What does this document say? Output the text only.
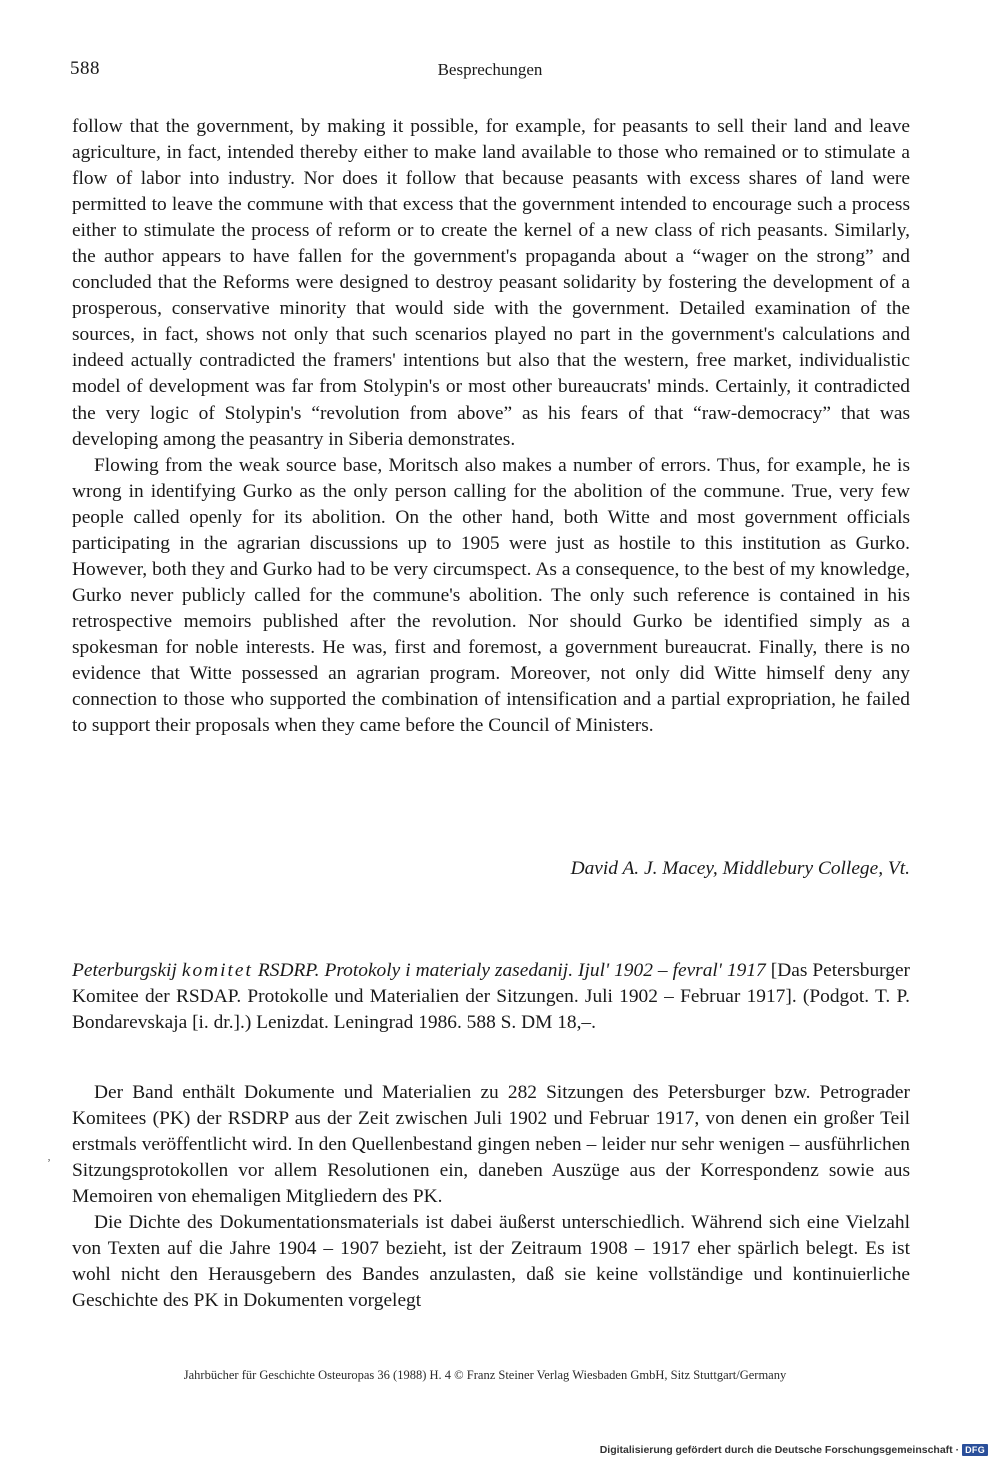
588	Besprechungen

follow that the government, by making it possible, for example, for peasants to sell their land and leave agriculture, in fact, intended thereby either to make land available to those who remained or to stimulate a flow of labor into industry. Nor does it follow that because peasants with excess shares of land were permitted to leave the commune with that excess that the government intended to encourage such a process either to stimulate the process of reform or to create the kernel of a new class of rich peasants. Similarly, the author appears to have fallen for the government's propaganda about a “wager on the strong” and concluded that the Reforms were designed to destroy peasant solidarity by fostering the development of a prosperous, conservative minority that would side with the government. Detailed examination of the sources, in fact, shows not only that such scenarios played no part in the government's calculations and indeed actually contradicted the framers' intentions but also that the western, free market, individualistic model of development was far from Stolypin's or most other bureaucrats' minds. Certainly, it contradicted the very logic of Stolypin's “revolution from above” as his fears of that “raw-democracy” that was developing among the peasantry in Siberia demonstrates.

Flowing from the weak source base, Moritsch also makes a number of errors. Thus, for example, he is wrong in identifying Gurko as the only person calling for the abolition of the commune. True, very few people called openly for its abolition. On the other hand, both Witte and most government officials participating in the agrarian discussions up to 1905 were just as hostile to this institution as Gurko. However, both they and Gurko had to be very circumspect. As a consequence, to the best of my knowledge, Gurko never publicly called for the commune's abolition. The only such reference is contained in his retrospective memoirs published after the revolution. Nor should Gurko be identified simply as a spokesman for noble interests. He was, first and foremost, a government bureaucrat. Finally, there is no evidence that Witte possessed an agrarian program. Moreover, not only did Witte himself deny any connection to those who supported the combination of intensification and a partial expropriation, he failed to support their proposals when they came before the Council of Ministers.

David A. J. Macey, Middlebury College, Vt.

Peterburgskij komitet RSDRP. Protokoly i materialy zasedanij. Ijul' 1902 – fevral' 1917 [Das Petersburger Komitee der RSDAP. Protokolle und Materialien der Sitzungen. Juli 1902 – Februar 1917]. (Podgot. T. P. Bondarevskaja [i. dr.].) Lenizdat. Leningrad 1986. 588 S. DM 18,–.

ʼ

Der Band enthält Dokumente und Materialien zu 282 Sitzungen des Petersburger bzw. Petrograder Komitees (PK) der RSDRP aus der Zeit zwischen Juli 1902 und Februar 1917, von denen ein großer Teil erstmals veröffentlicht wird. In den Quellenbestand gingen neben – leider nur sehr wenigen – ausführlichen Sitzungsprotokollen vor allem Resolutionen ein, daneben Auszüge aus der Korrespondenz sowie aus Memoiren von ehemaligen Mitgliedern des PK.

Die Dichte des Dokumentationsmaterials ist dabei äußerst unterschiedlich. Während sich eine Vielzahl von Texten auf die Jahre 1904 – 1907 bezieht, ist der Zeitraum 1908 – 1917 eher spärlich belegt. Es ist wohl nicht den Herausgebern des Bandes anzulasten, daß sie keine vollständige und kontinuierliche Geschichte des PK in Dokumenten vorgelegt

Jahrbücher für Geschichte Osteuropas 36 (1988) H. 4 © Franz Steiner Verlag Wiesbaden GmbH, Sitz Stuttgart/Germany
Digitalisierung gefördert durch die Deutsche Forschungsgemeinschaft · DFG
